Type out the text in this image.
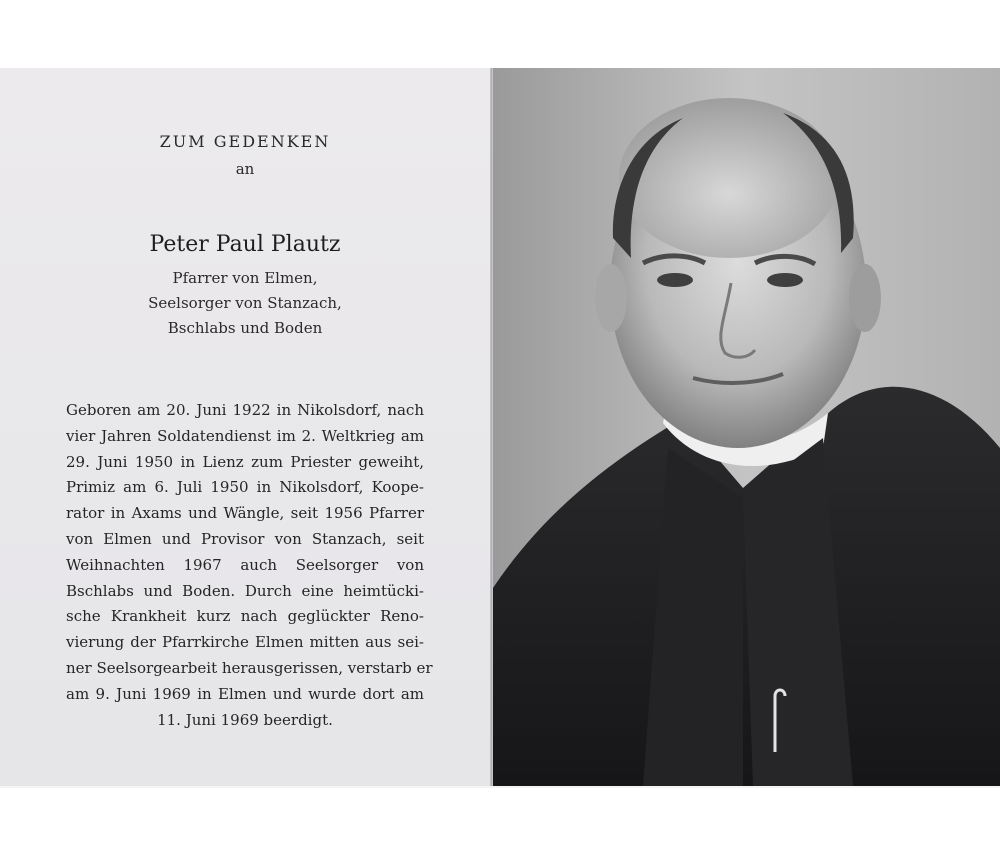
ZUM GEDENKEN
an
Peter Paul Plautz
Pfarrer von Elmen,
Seelsorger von Stanzach,
Bschlabs und Boden
Geboren am 20. Juni 1922 in Nikolsdorf, nach
vier Jahren Soldatendienst im 2. Weltkrieg am
29. Juni 1950 in Lienz zum Priester geweiht,
Primiz am 6. Juli 1950 in Nikolsdorf, Koope-
rator in Axams und Wängle, seit 1956 Pfarrer
von Elmen und Provisor von Stanzach, seit
Weihnachten 1967 auch Seelsorger von
Bschlabs und Boden. Durch eine heimtücki-
sche Krankheit kurz nach geglückter Reno-
vierung der Pfarrkirche Elmen mitten aus sei-
ner Seelsorgearbeit herausgerissen, verstarb er
am 9. Juni 1969 in Elmen und wurde dort am
11. Juni 1969 beerdigt.
